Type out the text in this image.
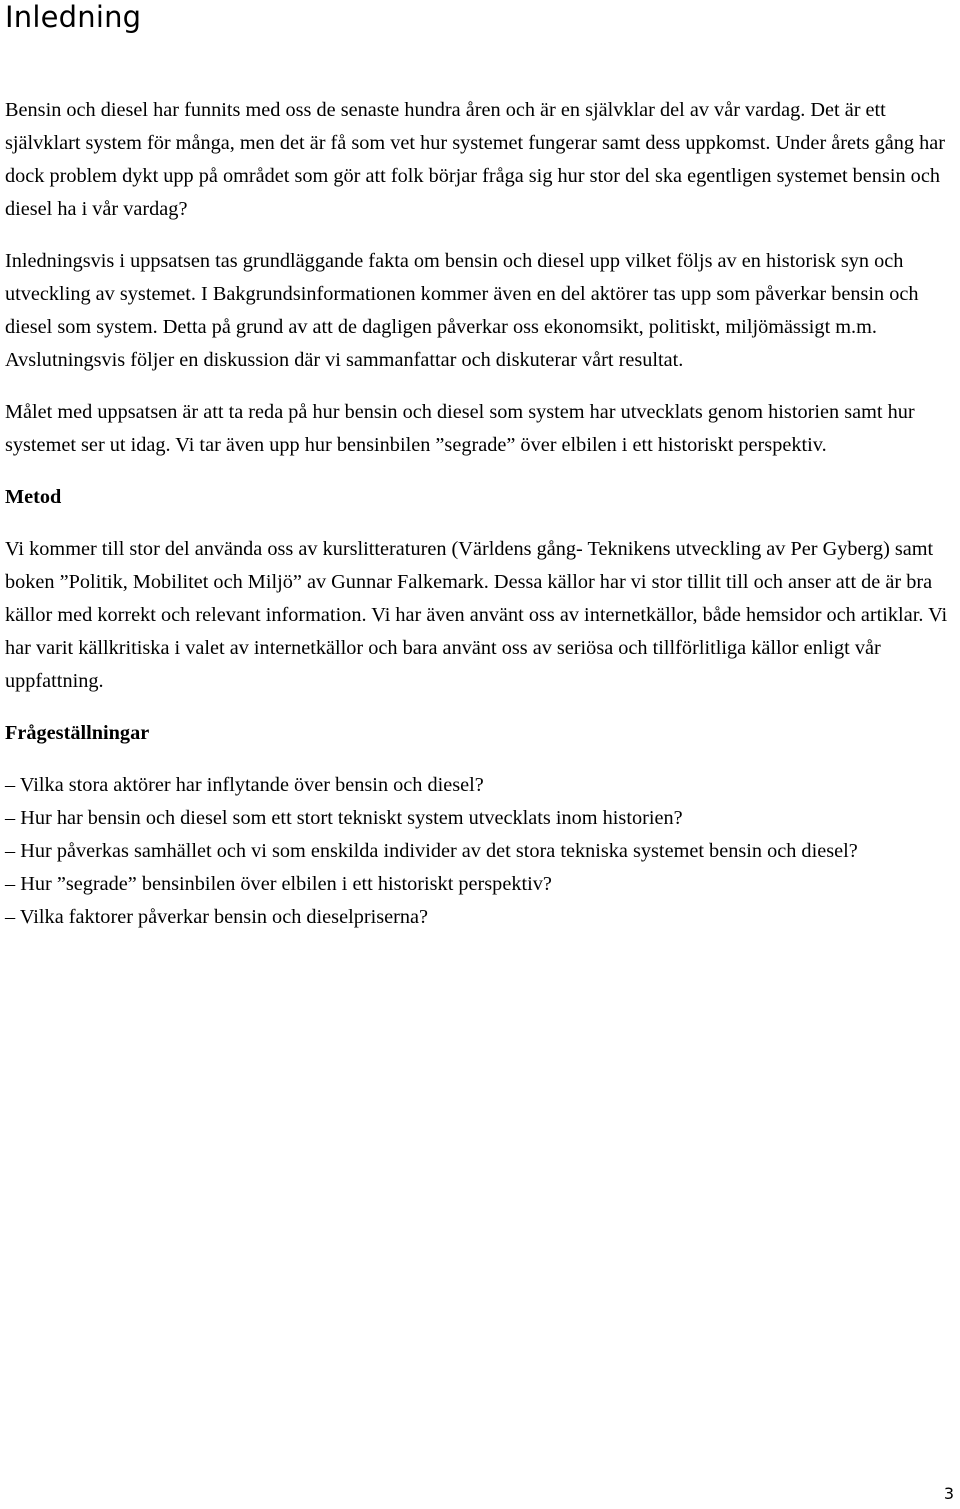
Inledning

Bensin och diesel har funnits med oss de senaste hundra åren och är en självklar del av vår vardag. Det är ett självklart system för många, men det är få som vet hur systemet fungerar samt dess uppkomst. Under årets gång har dock problem dykt upp på området som gör att folk börjar fråga sig hur stor del ska egentligen systemet bensin och diesel ha i vår vardag?

Inledningsvis i uppsatsen tas grundläggande fakta om bensin och diesel upp vilket följs av en historisk syn och utveckling av systemet. I Bakgrundsinformationen kommer även en del aktörer tas upp som påverkar bensin och diesel som system. Detta på grund av att de dagligen påverkar oss ekonomsikt, politiskt, miljömässigt m.m. Avslutningsvis följer en diskussion där vi sammanfattar och diskuterar vårt resultat.

Målet med uppsatsen är att ta reda på hur bensin och diesel som system har utvecklats genom historien samt hur systemet ser ut idag. Vi tar även upp hur bensinbilen ”segrade” över elbilen i ett historiskt perspektiv.

Metod

Vi kommer till stor del använda oss av kurslitteraturen (Världens gång- Teknikens utveckling av Per Gyberg) samt boken ”Politik, Mobilitet och Miljö” av Gunnar Falkemark. Dessa källor har vi stor tillit till och anser att de är bra källor med korrekt och relevant information. Vi har även använt oss av internetkällor, både hemsidor och artiklar. Vi har varit källkritiska i valet av internetkällor och bara använt oss av seriösa och tillförlitliga källor enligt vår uppfattning.

Frågeställningar
– Vilka stora aktörer har inflytande över bensin och diesel?
– Hur har bensin och diesel som ett stort tekniskt system utvecklats inom historien?
– Hur påverkas samhället och vi som enskilda individer av det stora tekniska systemet bensin och diesel?
– Hur ”segrade” bensinbilen över elbilen i ett historiskt perspektiv?
– Vilka faktorer påverkar bensin och dieselpriserna?
3
